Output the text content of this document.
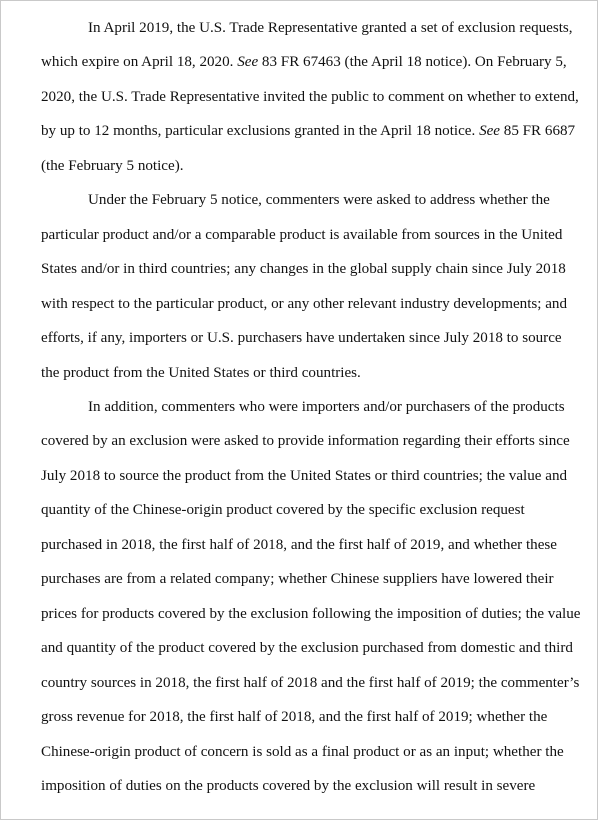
In April 2019, the U.S. Trade Representative granted a set of exclusion requests,
which expire on April 18, 2020. See 83 FR 67463 (the April 18 notice). On February 5,
2020, the U.S. Trade Representative invited the public to comment on whether to extend,
by up to 12 months, particular exclusions granted in the April 18 notice. See 85 FR 6687
(the February 5 notice).
Under the February 5 notice, commenters were asked to address whether the
particular product and/or a comparable product is available from sources in the United
States and/or in third countries; any changes in the global supply chain since July 2018
with respect to the particular product, or any other relevant industry developments; and
efforts, if any, importers or U.S. purchasers have undertaken since July 2018 to source
the product from the United States or third countries.
In addition, commenters who were importers and/or purchasers of the products
covered by an exclusion were asked to provide information regarding their efforts since
July 2018 to source the product from the United States or third countries; the value and
quantity of the Chinese-origin product covered by the specific exclusion request
purchased in 2018, the first half of 2018, and the first half of 2019, and whether these
purchases are from a related company; whether Chinese suppliers have lowered their
prices for products covered by the exclusion following the imposition of duties; the value
and quantity of the product covered by the exclusion purchased from domestic and third
country sources in 2018, the first half of 2018 and the first half of 2019; the commenter’s
gross revenue for 2018, the first half of 2018, and the first half of 2019; whether the
Chinese-origin product of concern is sold as a final product or as an input; whether the
imposition of duties on the products covered by the exclusion will result in severe
